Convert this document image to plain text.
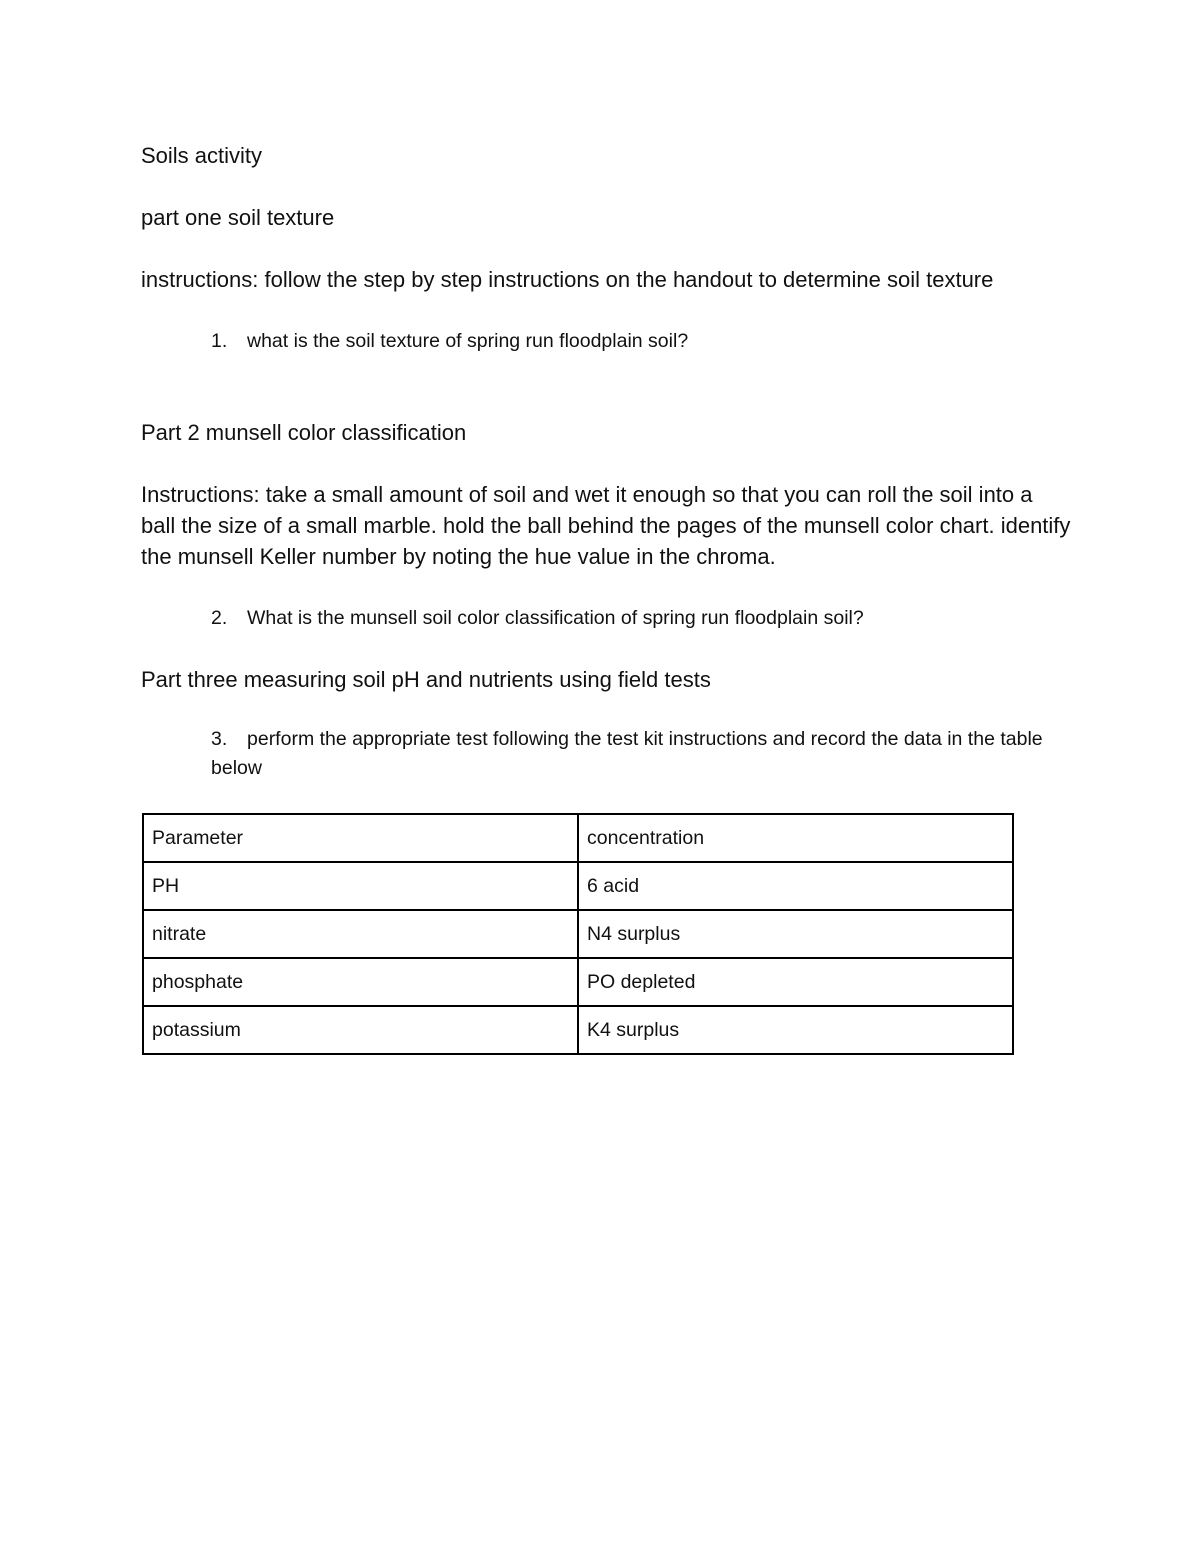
Soils activity
part one soil texture
instructions: follow the step by step instructions on the handout to determine soil texture
1. what is the soil texture of spring run floodplain soil?
Part 2 munsell color classification
Instructions: take a small amount of soil and wet it enough so that you can roll the soil into a ball the size of a small marble. hold the ball behind the pages of the munsell color chart. identify the munsell Keller number by noting the hue value in the chroma.
2. What is the munsell soil color classification of spring run floodplain soil?
Part three measuring soil pH and nutrients using field tests
3. perform the appropriate test following the test kit instructions and record the data in the table below
Parameter	concentration
PH	6 acid
nitrate	N4 surplus
phosphate	PO depleted
potassium	K4 surplus
